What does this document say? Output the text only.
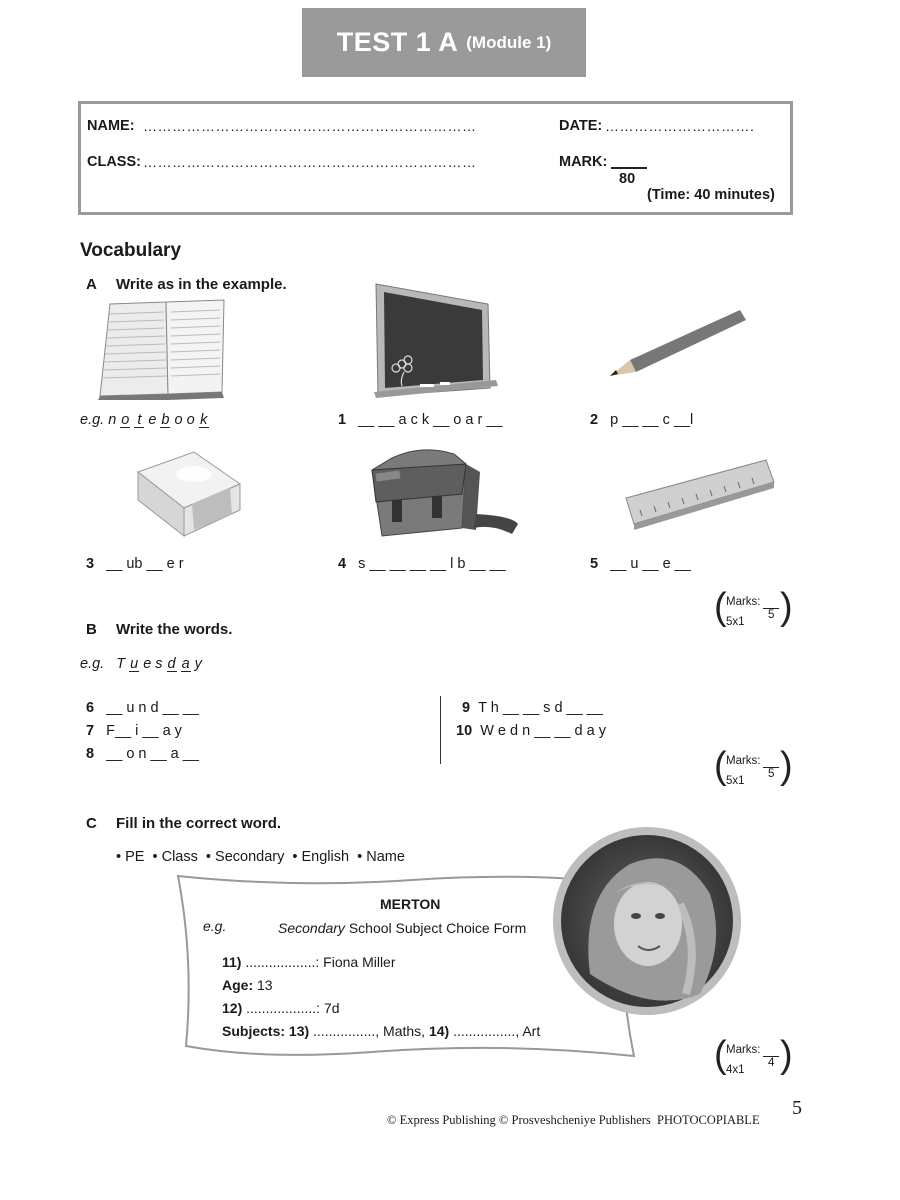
TEST 1 A (Module 1)
NAME: ……………………………………………………………	DATE: ………………………….
CLASS: ……………………………………………………………	MARK:
80
(Time: 40 minutes)
Vocabulary
A Write as in the example.
e.g. n o t e b o o k	1 __ __ a c k __ o a r __	2 p __ __ c __l
3 __ ub __ e r	4 s __ __ __ __ l b __ __	5 __ u __ e __
( )
Marks:
5
5x1
B Write the words.
e.g.   T u e s d a y
6 __ u n d __ __
7 F__ i __ a y
8 __ o n __ a __
9 T h __ __ s d __ __
10 W e d n __ __ d a y
( )
Marks:
5
5x1
C Fill in the correct word.
• PE  • Class  • Secondary  • English  • Name
MERTON
e.g.	Secondary School Subject Choice Form
11) ..................: Fiona Miller
Age: 13
12) ..................: 7d
Subjects: 13) ................, Maths, 14) ................, Art
( )
Marks:
4
4x1
© Express Publishing © Prosveshcheniye Publishers  PHOTOCOPIABLE
5
